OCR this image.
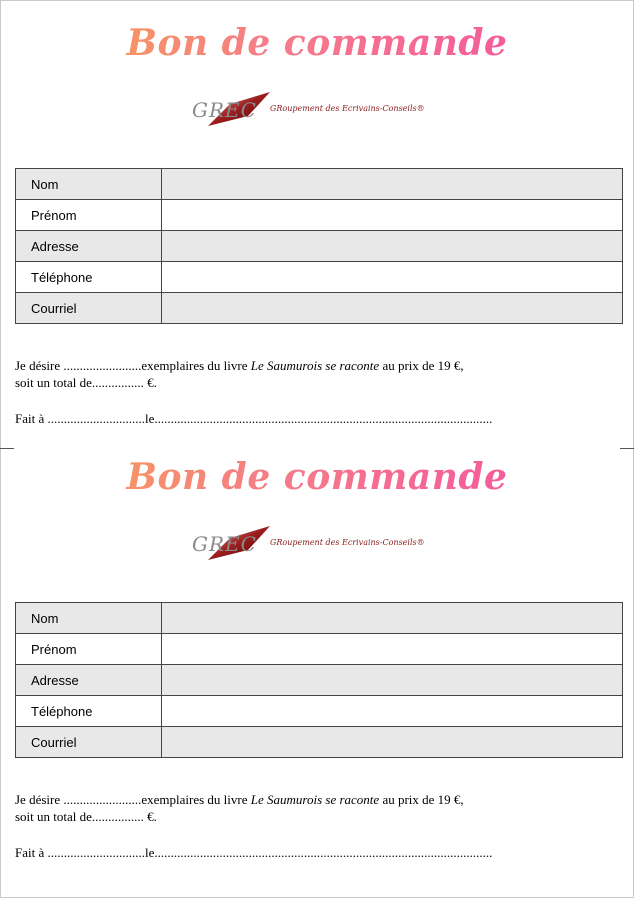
Bon de commande
GREC GRoupement des Ecrivains-Conseils®
Nom	
Prénom	
Adresse	
Téléphone	
Courriel	
Je désire ........................exemplaires du livre Le Saumurois se raconte au prix de 19 €,
soit un total de................ €.
Fait à ..............................le........................................................................................................
Bon de commande
GREC GRoupement des Ecrivains-Conseils®
Nom	
Prénom	
Adresse	
Téléphone	
Courriel	
Je désire ........................exemplaires du livre Le Saumurois se raconte au prix de 19 €,
soit un total de................ €.
Fait à ..............................le........................................................................................................
